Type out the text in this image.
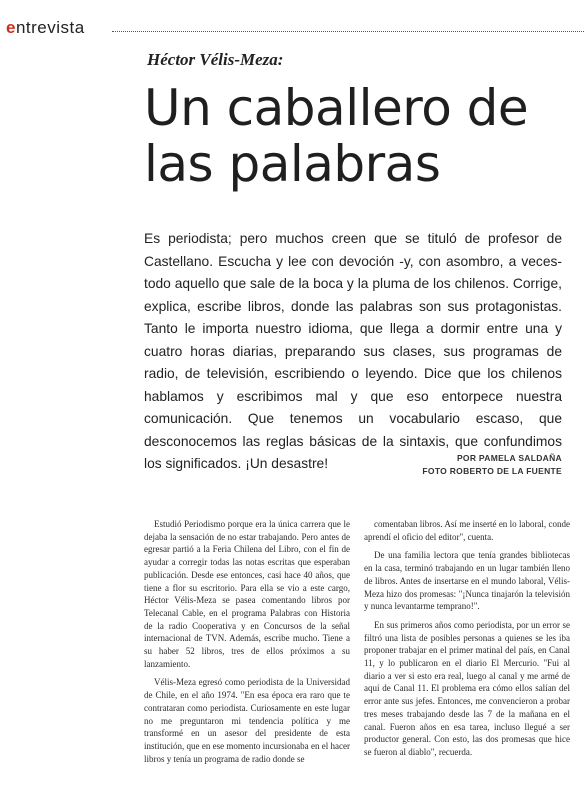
entrevista
Héctor Vélis-Meza:
Un caballero de
las palabras

Es periodista; pero muchos creen que se tituló de profesor de Castellano. Escucha y lee con devoción -y, con asombro, a veces- todo aquello que sale de la boca y la pluma de los chilenos. Corrige, explica, escribe libros, donde las palabras son sus protagonistas. Tanto le importa nuestro idioma, que llega a dormir entre una y cuatro horas diarias, preparando sus clases, sus programas de radio, de televisión, escribiendo o leyendo. Dice que los chilenos hablamos y escribimos mal y que eso entorpece nuestra comunicación. Que tenemos un vocabulario escaso, que desconocemos las reglas básicas de la sintaxis, que confundimos los significados. ¡Un desastre!	POR PAMELA SALDAÑA
FOTO ROBERTO DE LA FUENTE

Estudió Periodismo porque era la única carrera que le dejaba la sensación de no estar trabajando. Pero antes de egresar partió a la Feria Chilena del Libro, con el fin de ayudar a corregir todas las notas escritas que esperaban publicación. Desde ese entonces, casi hace 40 años, que tiene a flor su escritorio. Para ella se vio a este cargo, Héctor Vélis-Meza se pasea comentando libros por Telecanal Cable, en el programa Palabras con Historia de la radio Cooperativa y en Concursos de la señal internacional de TVN. Además, escribe mucho. Tiene a su haber 52 libros, tres de ellos próximos a su lanzamiento.

Vélis-Meza egresó como periodista de la Universidad de Chile, en el año 1974. "En esa época era raro que te contrataran como periodista. Curiosamente en este lugar no me preguntaron mi tendencia política y me transformé en un asesor del presidente de esta institución, que en ese momento incursionaba en el hacer libros y tenía un programa de radio donde se

comentaban libros. Así me inserté en lo laboral, conde aprendí el oficio del editor", cuenta.

De una familia lectora que tenía grandes bibliotecas en la casa, terminó trabajando en un lugar también lleno de libros. Antes de insertarse en el mundo laboral, Vélis-Meza hizo dos promesas: "¡Nunca tinajarón la televisión y nunca levantarme temprano!".

En sus primeros años como periodista, por un error se filtró una lista de posibles personas a quienes se les iba proponer trabajar en el primer matinal del país, en Canal 11, y lo publicaron en el diario El Mercurio. "Fui al diario a ver si esto era real, luego al canal y me armé de aquí de Canal 11. El problema era cómo ellos salían del error ante sus jefes. Entonces, me convencieron a probar tres meses trabajando desde las 7 de la mañana en el canal. Fueron años en esa tarea, incluso llegué a ser productor general. Con esto, las dos promesas que hice se fueron al diablo", recuerda.
